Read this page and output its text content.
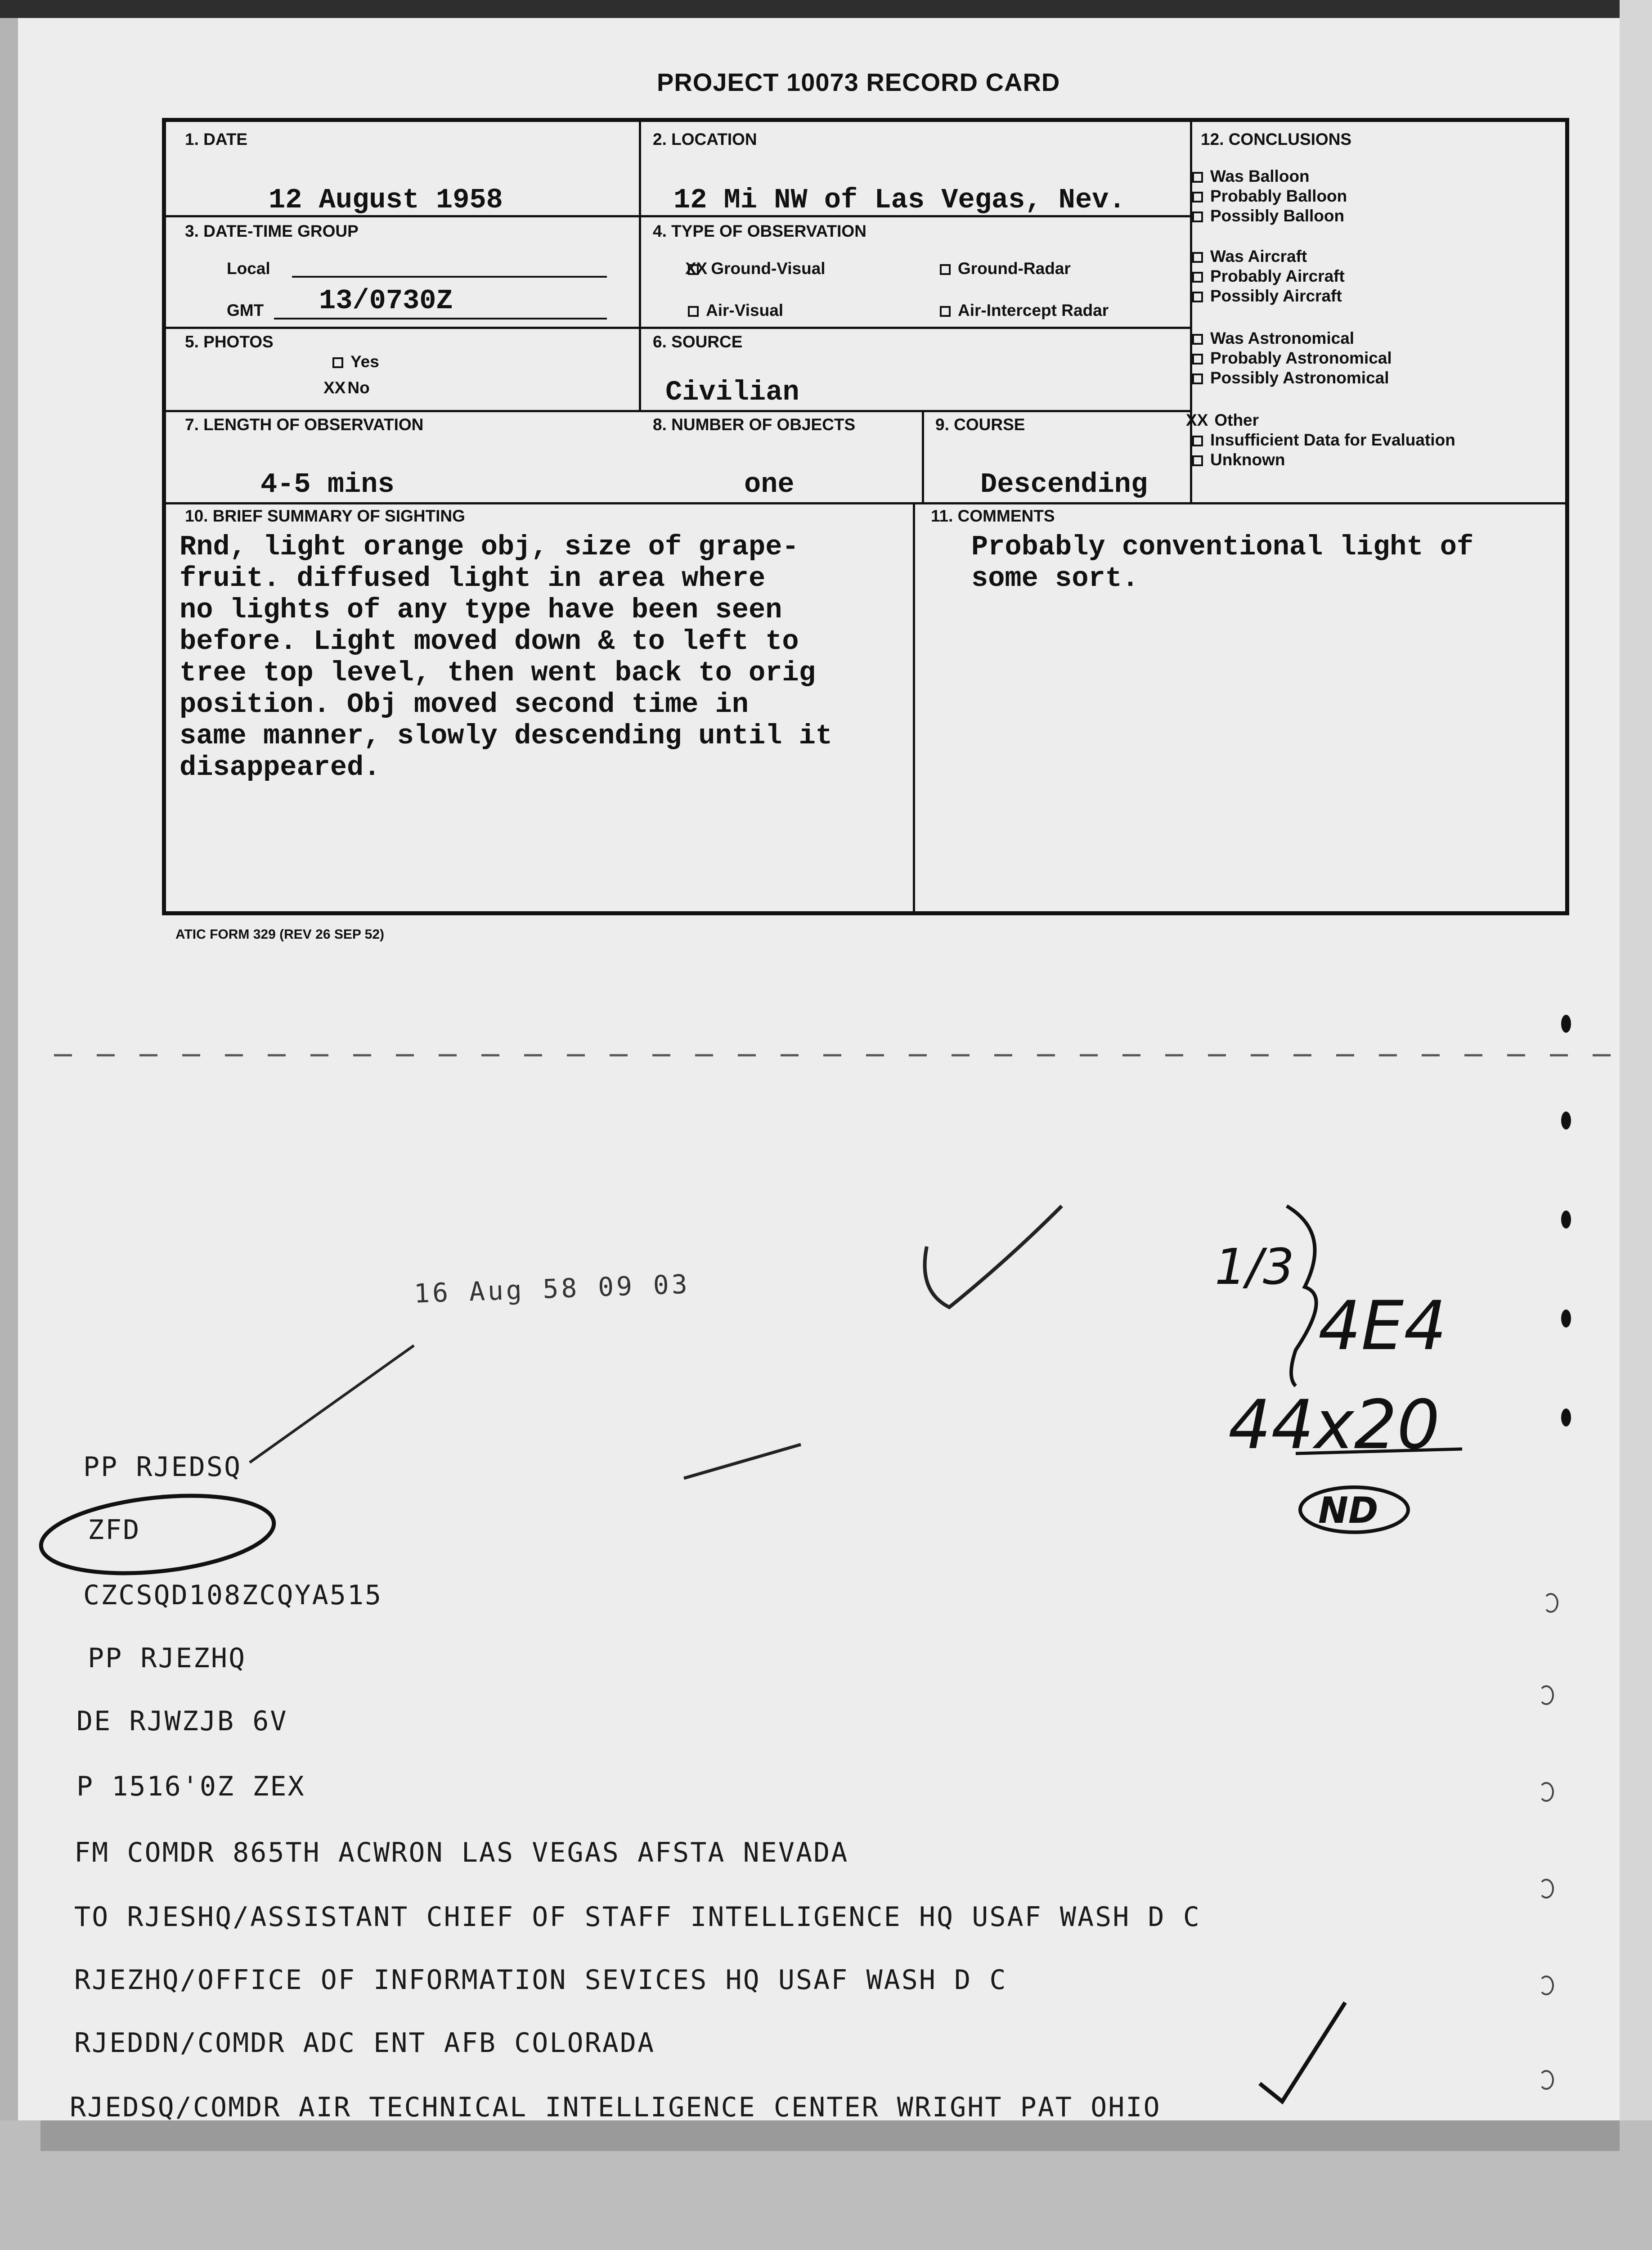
PROJECT 10073 RECORD CARD
1. DATE
12 August 1958
2. LOCATION
12 Mi NW of Las Vegas, Nev.
3. DATE-TIME GROUP
Local
GMT 13/0730Z
4. TYPE OF OBSERVATION
XX Ground-Visual	Ground-Radar
Air-Visual	Air-Intercept Radar
5. PHOTOS
Yes
XX No
6. SOURCE
Civilian
7. LENGTH OF OBSERVATION
4-5 mins
8. NUMBER OF OBJECTS
one
9. COURSE
Descending
10. BRIEF SUMMARY OF SIGHTING
Rnd, light orange obj, size of grape-
fruit. diffused light in area where
no lights of any type have been seen
before. Light moved down & to left to
tree top level, then went back to orig
position. Obj moved second time in
same manner, slowly descending until it
disappeared.
11. COMMENTS
Probably conventional light of
some sort.
12. CONCLUSIONS
Was Balloon
Probably Balloon
Possibly Balloon
Was Aircraft
Probably Aircraft
Possibly Aircraft
Was Astronomical
Probably Astronomical
Possibly Astronomical
XX Other
Insufficient Data for Evaluation
Unknown
ATIC FORM 329 (REV 26 SEP 52)
16 Aug 58 09 03
PP RJEDSQ
ZFD
CZCSQD108ZCQYA515
PP RJEZHQ
DE RJWZJB 6V
P 1516'0Z ZEX
FM COMDR 865TH ACWRON LAS VEGAS AFSTA NEVADA
TO RJESHQ/ASSISTANT CHIEF OF STAFF INTELLIGENCE HQ USAF WASH D C
RJEZHQ/OFFICE OF INFORMATION SEVICES HQ USAF WASH D C
RJEDDN/COMDR ADC ENT AFB COLORADA
RJEDSQ/COMDR AIR TECHNICAL INTELLIGENCE CENTER WRIGHT PAT OHIO
1/3
4E4
44x20
ND
